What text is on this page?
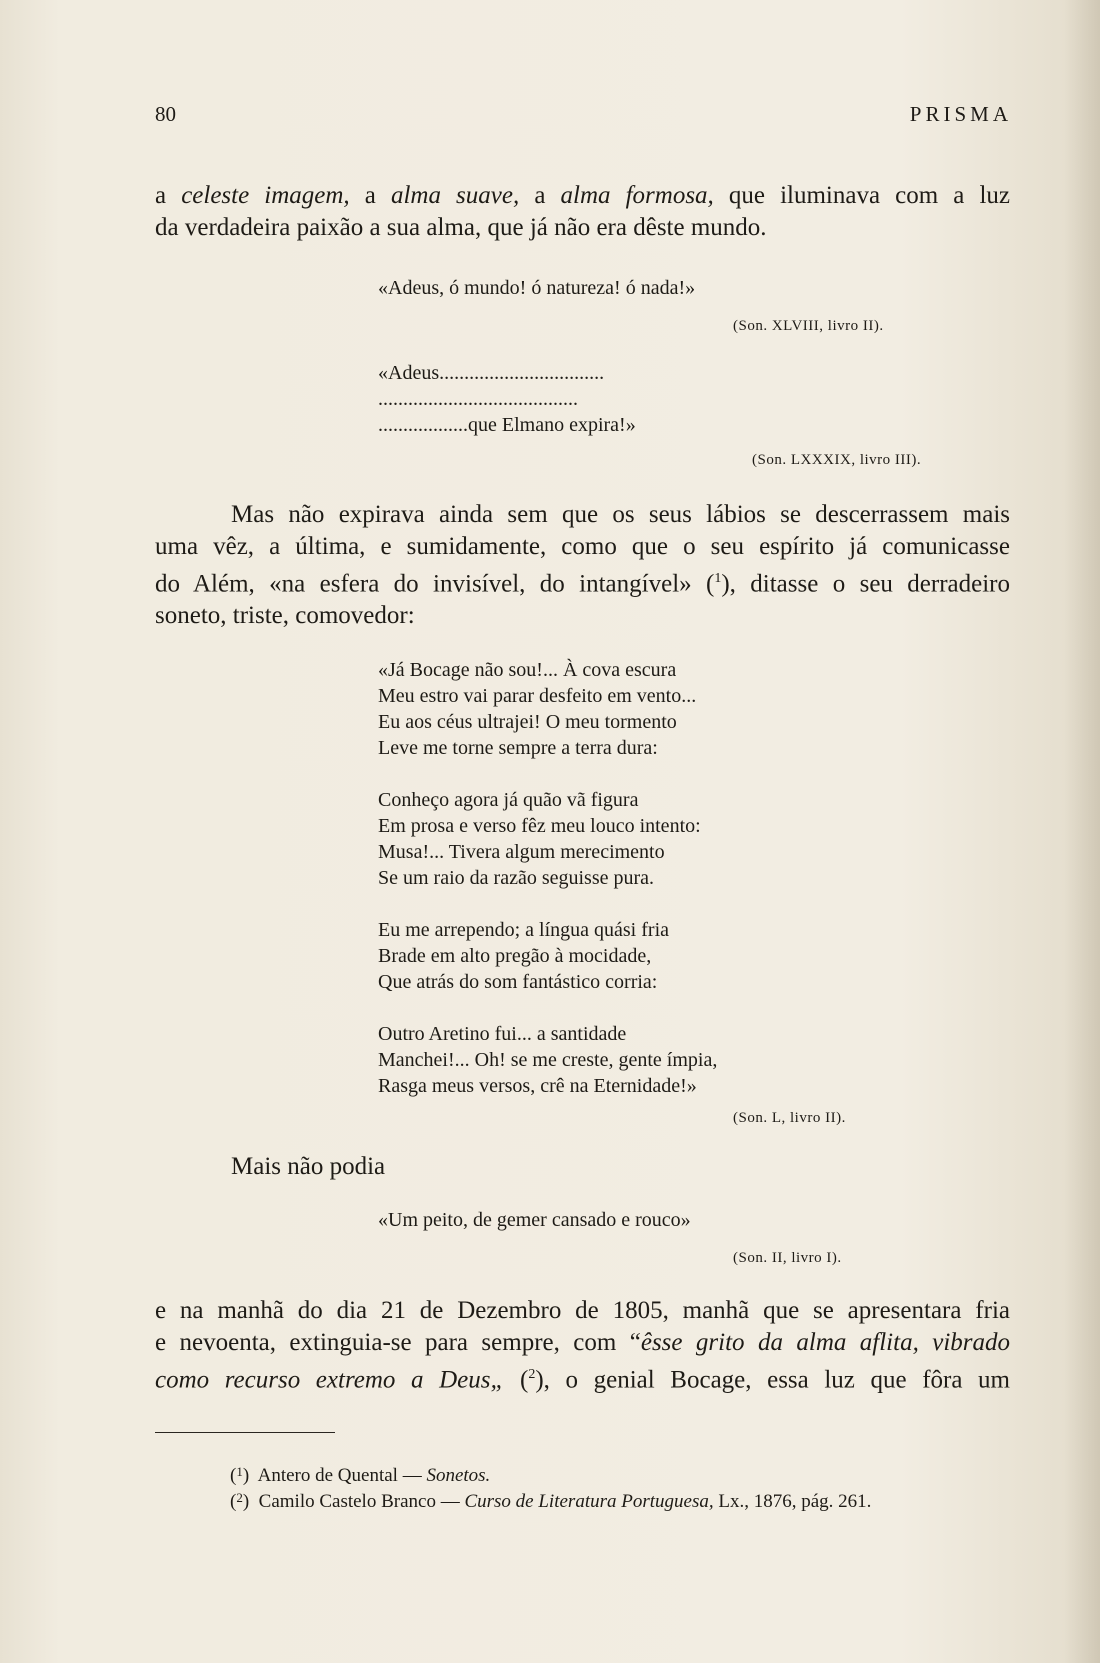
80	PRISMA

a celeste imagem, a alma suave, a alma formosa, que iluminava com a luz

da verdadeira paixão a sua alma, que já não era dêste mundo.

«Adeus, ó mundo! ó natureza! ó nada!»
(Son. XLVIII, livro II).
«Adeus.................................
........................................
..................que Elmano expira!»
(Son. LXXXIX, livro III).

Mas não expirava ainda sem que os seus lábios se descerrassem mais

uma vêz, a última, e sumidamente, como que o seu espírito já comunicasse

do Além, «na esfera do invisível, do intangível» ($^1$), ditasse o seu derradeiro

soneto, triste, comovedor:

«Já Bocage não sou!... À cova escura
Meu estro vai parar desfeito em vento...
Eu aos céus ultrajei! O meu tormento
Leve me torne sempre a terra dura:
Conheço agora já quão vã figura
Em prosa e verso fêz meu louco intento:
Musa!... Tivera algum merecimento
Se um raio da razão seguisse pura.
Eu me arrependo; a língua quási fria
Brade em alto pregão à mocidade,
Que atrás do som fantástico corria:
Outro Aretino fui... a santidade
Manchei!... Oh! se me creste, gente ímpia,
Rasga meus versos, crê na Eternidade!»
(Son. L, livro II).
Mais não podia
«Um peito, de gemer cansado e rouco»
(Son. II, livro I).

e na manhã do dia 21 de Dezembro de 1805, manhã que se apresentara fria

e nevoenta, extinguia-se para sempre, com “êsse grito da alma aflita, vibrado

como recurso extremo a Deus„ ($^2$), o genial Bocage, essa luz que fôra um

($^1$)  Antero de Quental — Sonetos.
($^2$)  Camilo Castelo Branco — Curso de Literatura Portuguesa, Lx., 1876, pág. 261.
